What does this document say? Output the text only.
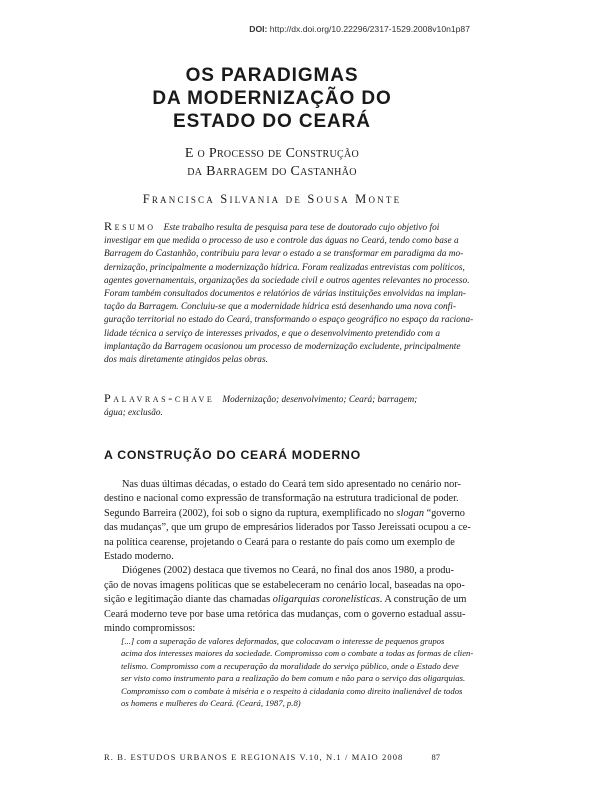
DOI: http://dx.doi.org/10.22296/2317-1529.2008v10n1p87
OS PARADIGMAS
DA MODERNIZAÇÃO DO
ESTADO DO CEARÁ
E o Processo de Construção
da Barragem do Castanhão
Francisca Silvania de Sousa Monte
Resumo Este trabalho resulta de pesquisa para tese de doutorado cujo objetivo foi
investigar em que medida o processo de uso e controle das águas no Ceará, tendo como base a
Barragem do Castanhão, contribuiu para levar o estado a se transformar em paradigma da mo-
dernização, principalmente a modernização hídrica. Foram realizadas entrevistas com políticos,
agentes governamentais, organizações da sociedade civil e outros agentes relevantes no processo.
Foram também consultados documentos e relatórios de várias instituições envolvidas na implan-
tação da Barragem. Concluiu-se que a modernidade hídrica está desenhando uma nova confi-
guração territorial no estado do Ceará, transformando o espaço geográfico no espaço da raciona-
lidade técnica a serviço de interesses privados, e que o desenvolvimento pretendido com a
implantação da Barragem ocasionou um processo de modernização excludente, principalmente
dos mais diretamente atingidos pelas obras.
Palavras-chave Modernização; desenvolvimento; Ceará; barragem;
água; exclusão.
A CONSTRUÇÃO DO CEARÁ MODERNO
Nas duas últimas décadas, o estado do Ceará tem sido apresentado no cenário nor-
destino e nacional como expressão de transformação na estrutura tradicional de poder.
Segundo Barreira (2002), foi sob o signo da ruptura, exemplificado no slogan “governo
das mudanças”, que um grupo de empresários liderados por Tasso Jereissati ocupou a ce-
na política cearense, projetando o Ceará para o restante do país como um exemplo de
Estado moderno.
Diógenes (2002) destaca que tivemos no Ceará, no final dos anos 1980, a produ-
ção de novas imagens políticas que se estabeleceram no cenário local, baseadas na opo-
sição e legitimação diante das chamadas oligarquias coronelísticas. A construção de um
Ceará moderno teve por base uma retórica das mudanças, com o governo estadual assu-
mindo compromissos:
[...] com a superação de valores deformados, que colocavam o interesse de pequenos grupos
acima dos interesses maiores da sociedade. Compromisso com o combate a todas as formas de clien-
telismo. Compromisso com a recuperação da moralidade do serviço público, onde o Estado deve
ser visto como instrumento para a realização do bem comum e não para o serviço das oligarquias.
Compromisso com o combate à miséria e o respeito à cidadania como direito inalienável de todos
os homens e mulheres do Ceará. (Ceará, 1987, p.8)
R. B. ESTUDOS URBANOS E REGIONAIS V.10, N.1 / MAIO 2008	87
